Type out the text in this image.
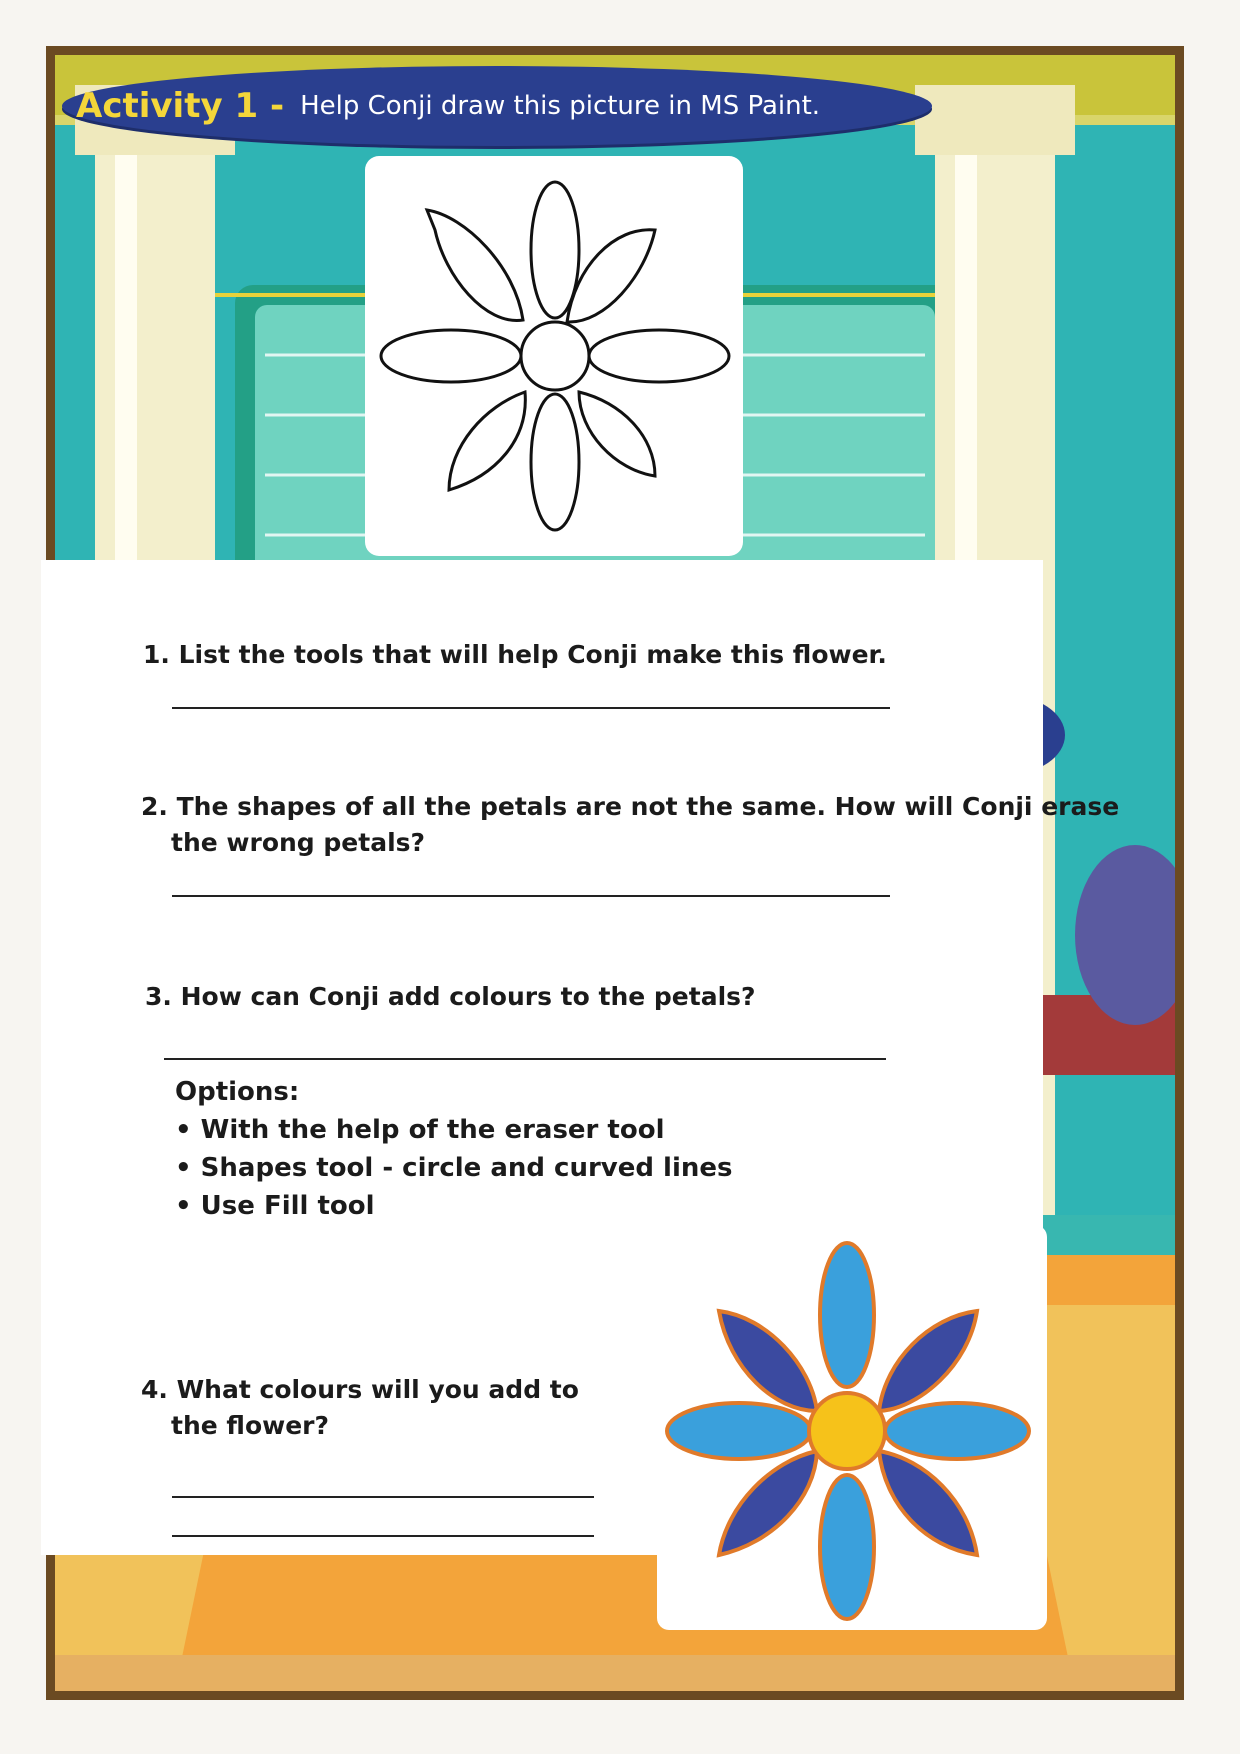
Activity 1 - Help Conji draw this picture in MS Paint.
1. List the tools that will help Conji make this flower.
2. The shapes of all the petals are not the same. How will Conji erase
the wrong petals?
3. How can Conji add colours to the petals?
Options:
• With the help of the eraser tool
• Shapes tool - circle and curved lines
• Use Fill tool
4. What colours will you add to
the flower?
